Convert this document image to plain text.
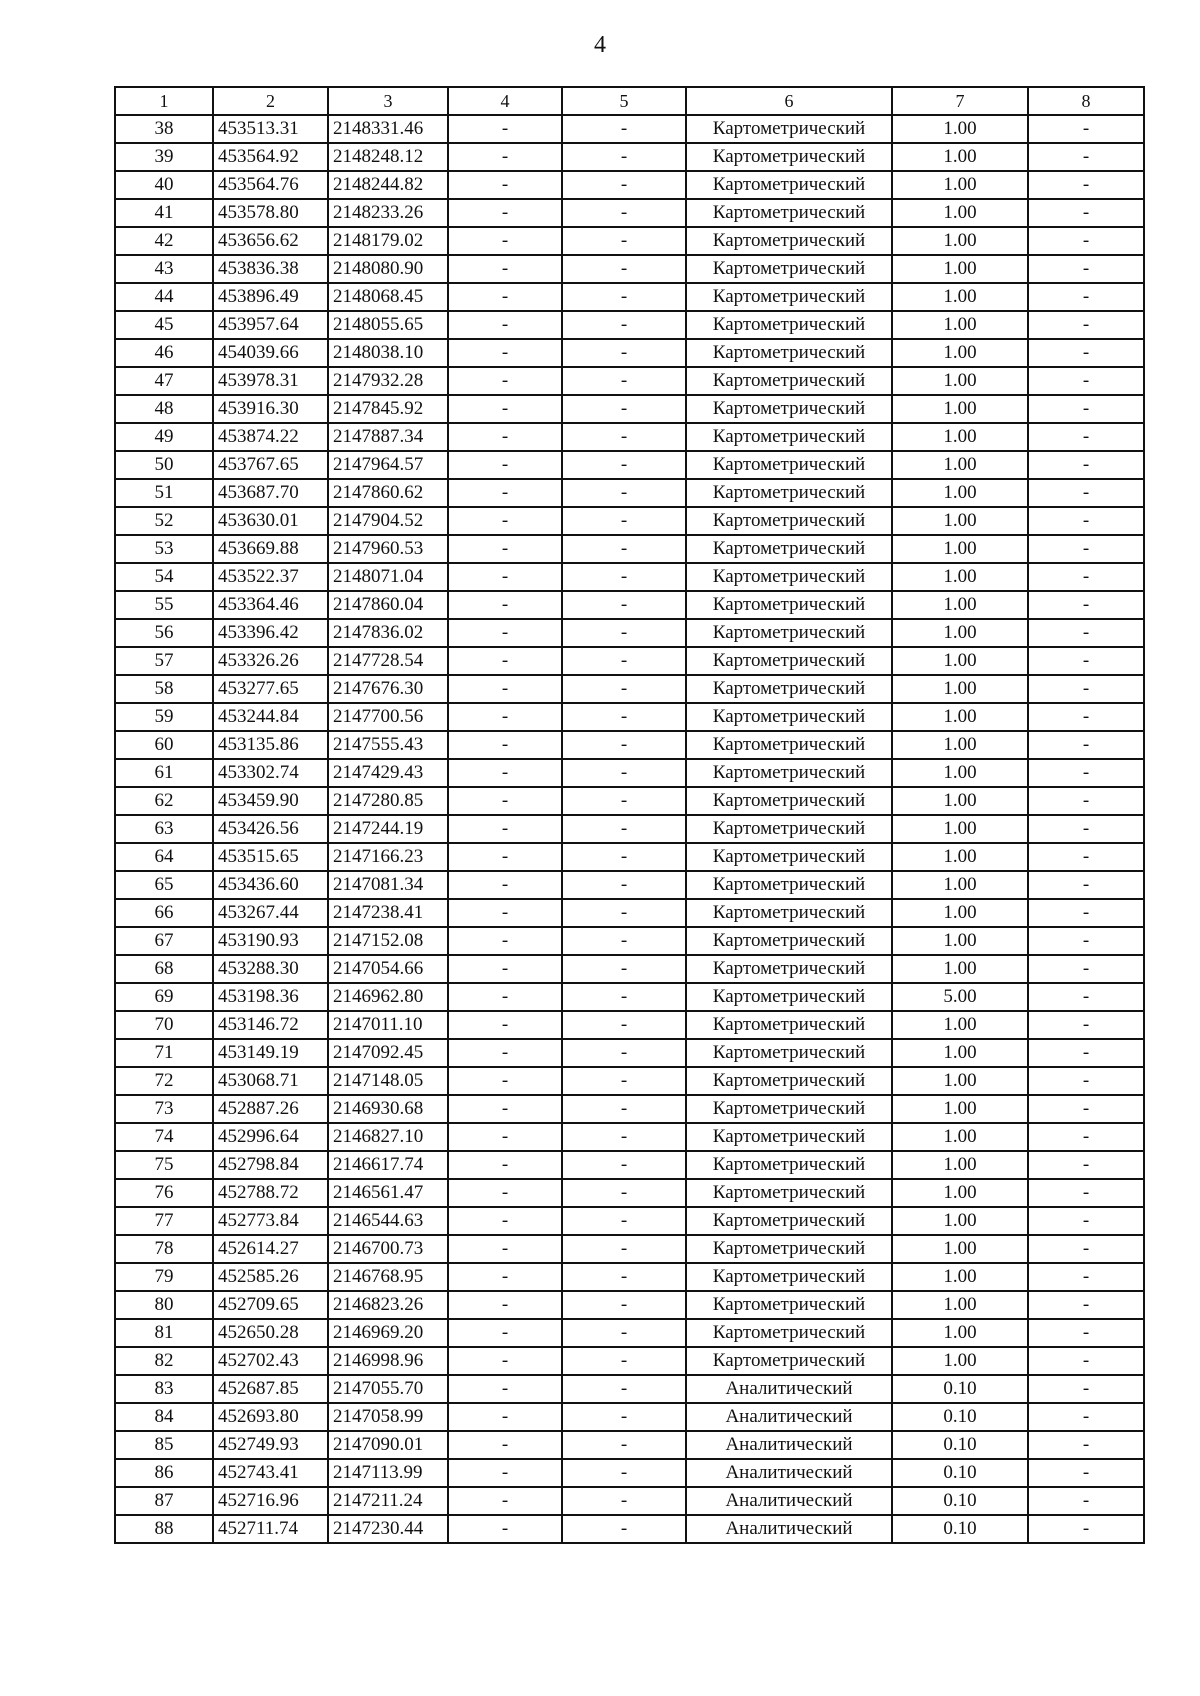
4
1	2	3	4	5	6	7	8
38	453513.31	2148331.46	-	-	Картометрический	1.00	-
39	453564.92	2148248.12	-	-	Картометрический	1.00	-
40	453564.76	2148244.82	-	-	Картометрический	1.00	-
41	453578.80	2148233.26	-	-	Картометрический	1.00	-
42	453656.62	2148179.02	-	-	Картометрический	1.00	-
43	453836.38	2148080.90	-	-	Картометрический	1.00	-
44	453896.49	2148068.45	-	-	Картометрический	1.00	-
45	453957.64	2148055.65	-	-	Картометрический	1.00	-
46	454039.66	2148038.10	-	-	Картометрический	1.00	-
47	453978.31	2147932.28	-	-	Картометрический	1.00	-
48	453916.30	2147845.92	-	-	Картометрический	1.00	-
49	453874.22	2147887.34	-	-	Картометрический	1.00	-
50	453767.65	2147964.57	-	-	Картометрический	1.00	-
51	453687.70	2147860.62	-	-	Картометрический	1.00	-
52	453630.01	2147904.52	-	-	Картометрический	1.00	-
53	453669.88	2147960.53	-	-	Картометрический	1.00	-
54	453522.37	2148071.04	-	-	Картометрический	1.00	-
55	453364.46	2147860.04	-	-	Картометрический	1.00	-
56	453396.42	2147836.02	-	-	Картометрический	1.00	-
57	453326.26	2147728.54	-	-	Картометрический	1.00	-
58	453277.65	2147676.30	-	-	Картометрический	1.00	-
59	453244.84	2147700.56	-	-	Картометрический	1.00	-
60	453135.86	2147555.43	-	-	Картометрический	1.00	-
61	453302.74	2147429.43	-	-	Картометрический	1.00	-
62	453459.90	2147280.85	-	-	Картометрический	1.00	-
63	453426.56	2147244.19	-	-	Картометрический	1.00	-
64	453515.65	2147166.23	-	-	Картометрический	1.00	-
65	453436.60	2147081.34	-	-	Картометрический	1.00	-
66	453267.44	2147238.41	-	-	Картометрический	1.00	-
67	453190.93	2147152.08	-	-	Картометрический	1.00	-
68	453288.30	2147054.66	-	-	Картометрический	1.00	-
69	453198.36	2146962.80	-	-	Картометрический	5.00	-
70	453146.72	2147011.10	-	-	Картометрический	1.00	-
71	453149.19	2147092.45	-	-	Картометрический	1.00	-
72	453068.71	2147148.05	-	-	Картометрический	1.00	-
73	452887.26	2146930.68	-	-	Картометрический	1.00	-
74	452996.64	2146827.10	-	-	Картометрический	1.00	-
75	452798.84	2146617.74	-	-	Картометрический	1.00	-
76	452788.72	2146561.47	-	-	Картометрический	1.00	-
77	452773.84	2146544.63	-	-	Картометрический	1.00	-
78	452614.27	2146700.73	-	-	Картометрический	1.00	-
79	452585.26	2146768.95	-	-	Картометрический	1.00	-
80	452709.65	2146823.26	-	-	Картометрический	1.00	-
81	452650.28	2146969.20	-	-	Картометрический	1.00	-
82	452702.43	2146998.96	-	-	Картометрический	1.00	-
83	452687.85	2147055.70	-	-	Аналитический	0.10	-
84	452693.80	2147058.99	-	-	Аналитический	0.10	-
85	452749.93	2147090.01	-	-	Аналитический	0.10	-
86	452743.41	2147113.99	-	-	Аналитический	0.10	-
87	452716.96	2147211.24	-	-	Аналитический	0.10	-
88	452711.74	2147230.44	-	-	Аналитический	0.10	-
